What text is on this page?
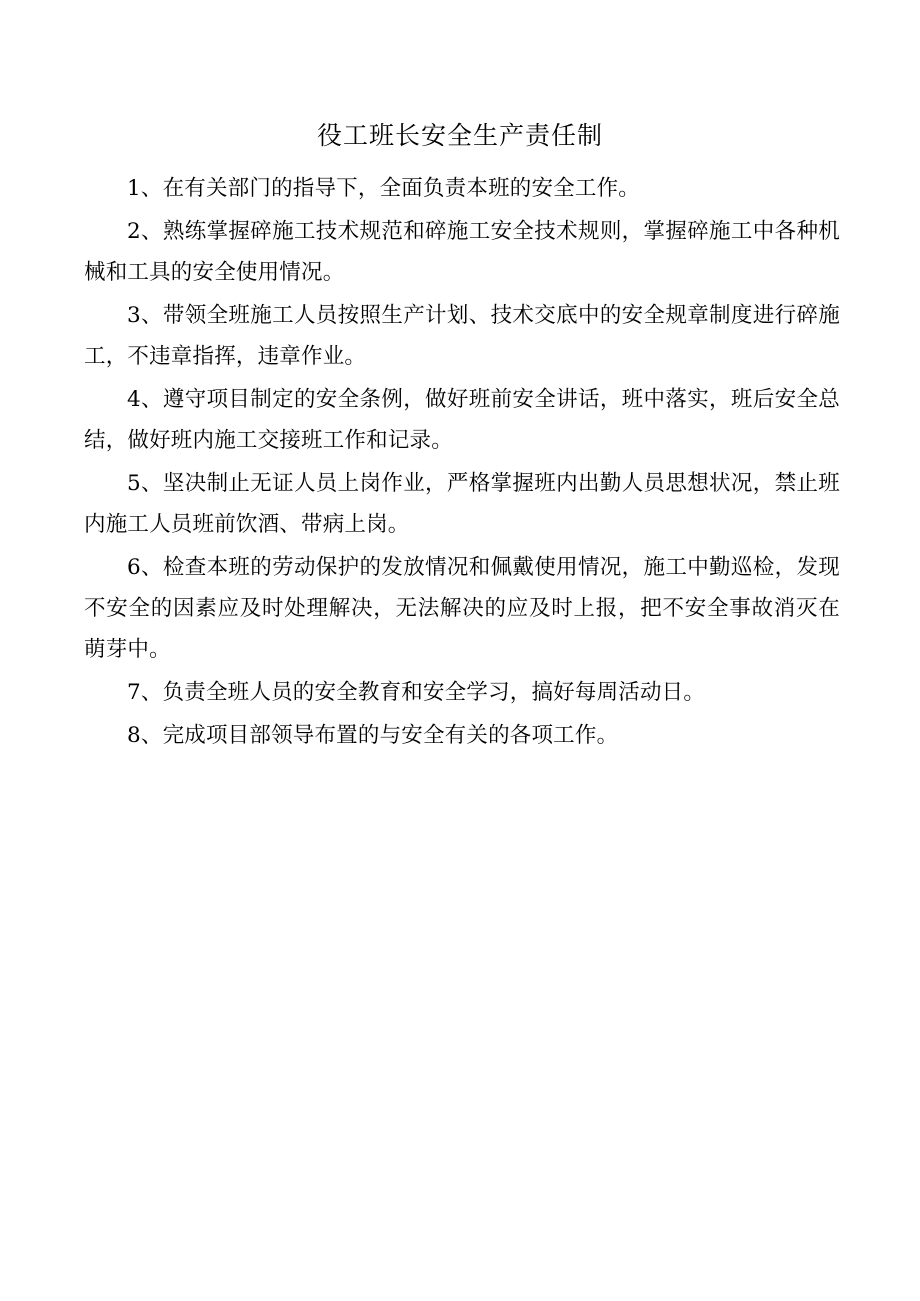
役工班长安全生产责任制

1、在有关部门的指导下，全面负责本班的安全工作。

2、熟练掌握碎施工技术规范和碎施工安全技术规则，掌握碎施工中各种机械和工具的安全使用情况。

3、带领全班施工人员按照生产计划、技术交底中的安全规章制度进行碎施工，不违章指挥，违章作业。

4、遵守项目制定的安全条例，做好班前安全讲话，班中落实，班后安全总结，做好班内施工交接班工作和记录。

5、坚决制止无证人员上岗作业，严格掌握班内出勤人员思想状况，禁止班内施工人员班前饮酒、带病上岗。

6、检查本班的劳动保护的发放情况和佩戴使用情况，施工中勤巡检，发现不安全的因素应及时处理解决，无法解决的应及时上报，把不安全事故消灭在萌芽中。

7、负责全班人员的安全教育和安全学习，搞好每周活动日。

8、完成项目部领导布置的与安全有关的各项工作。
